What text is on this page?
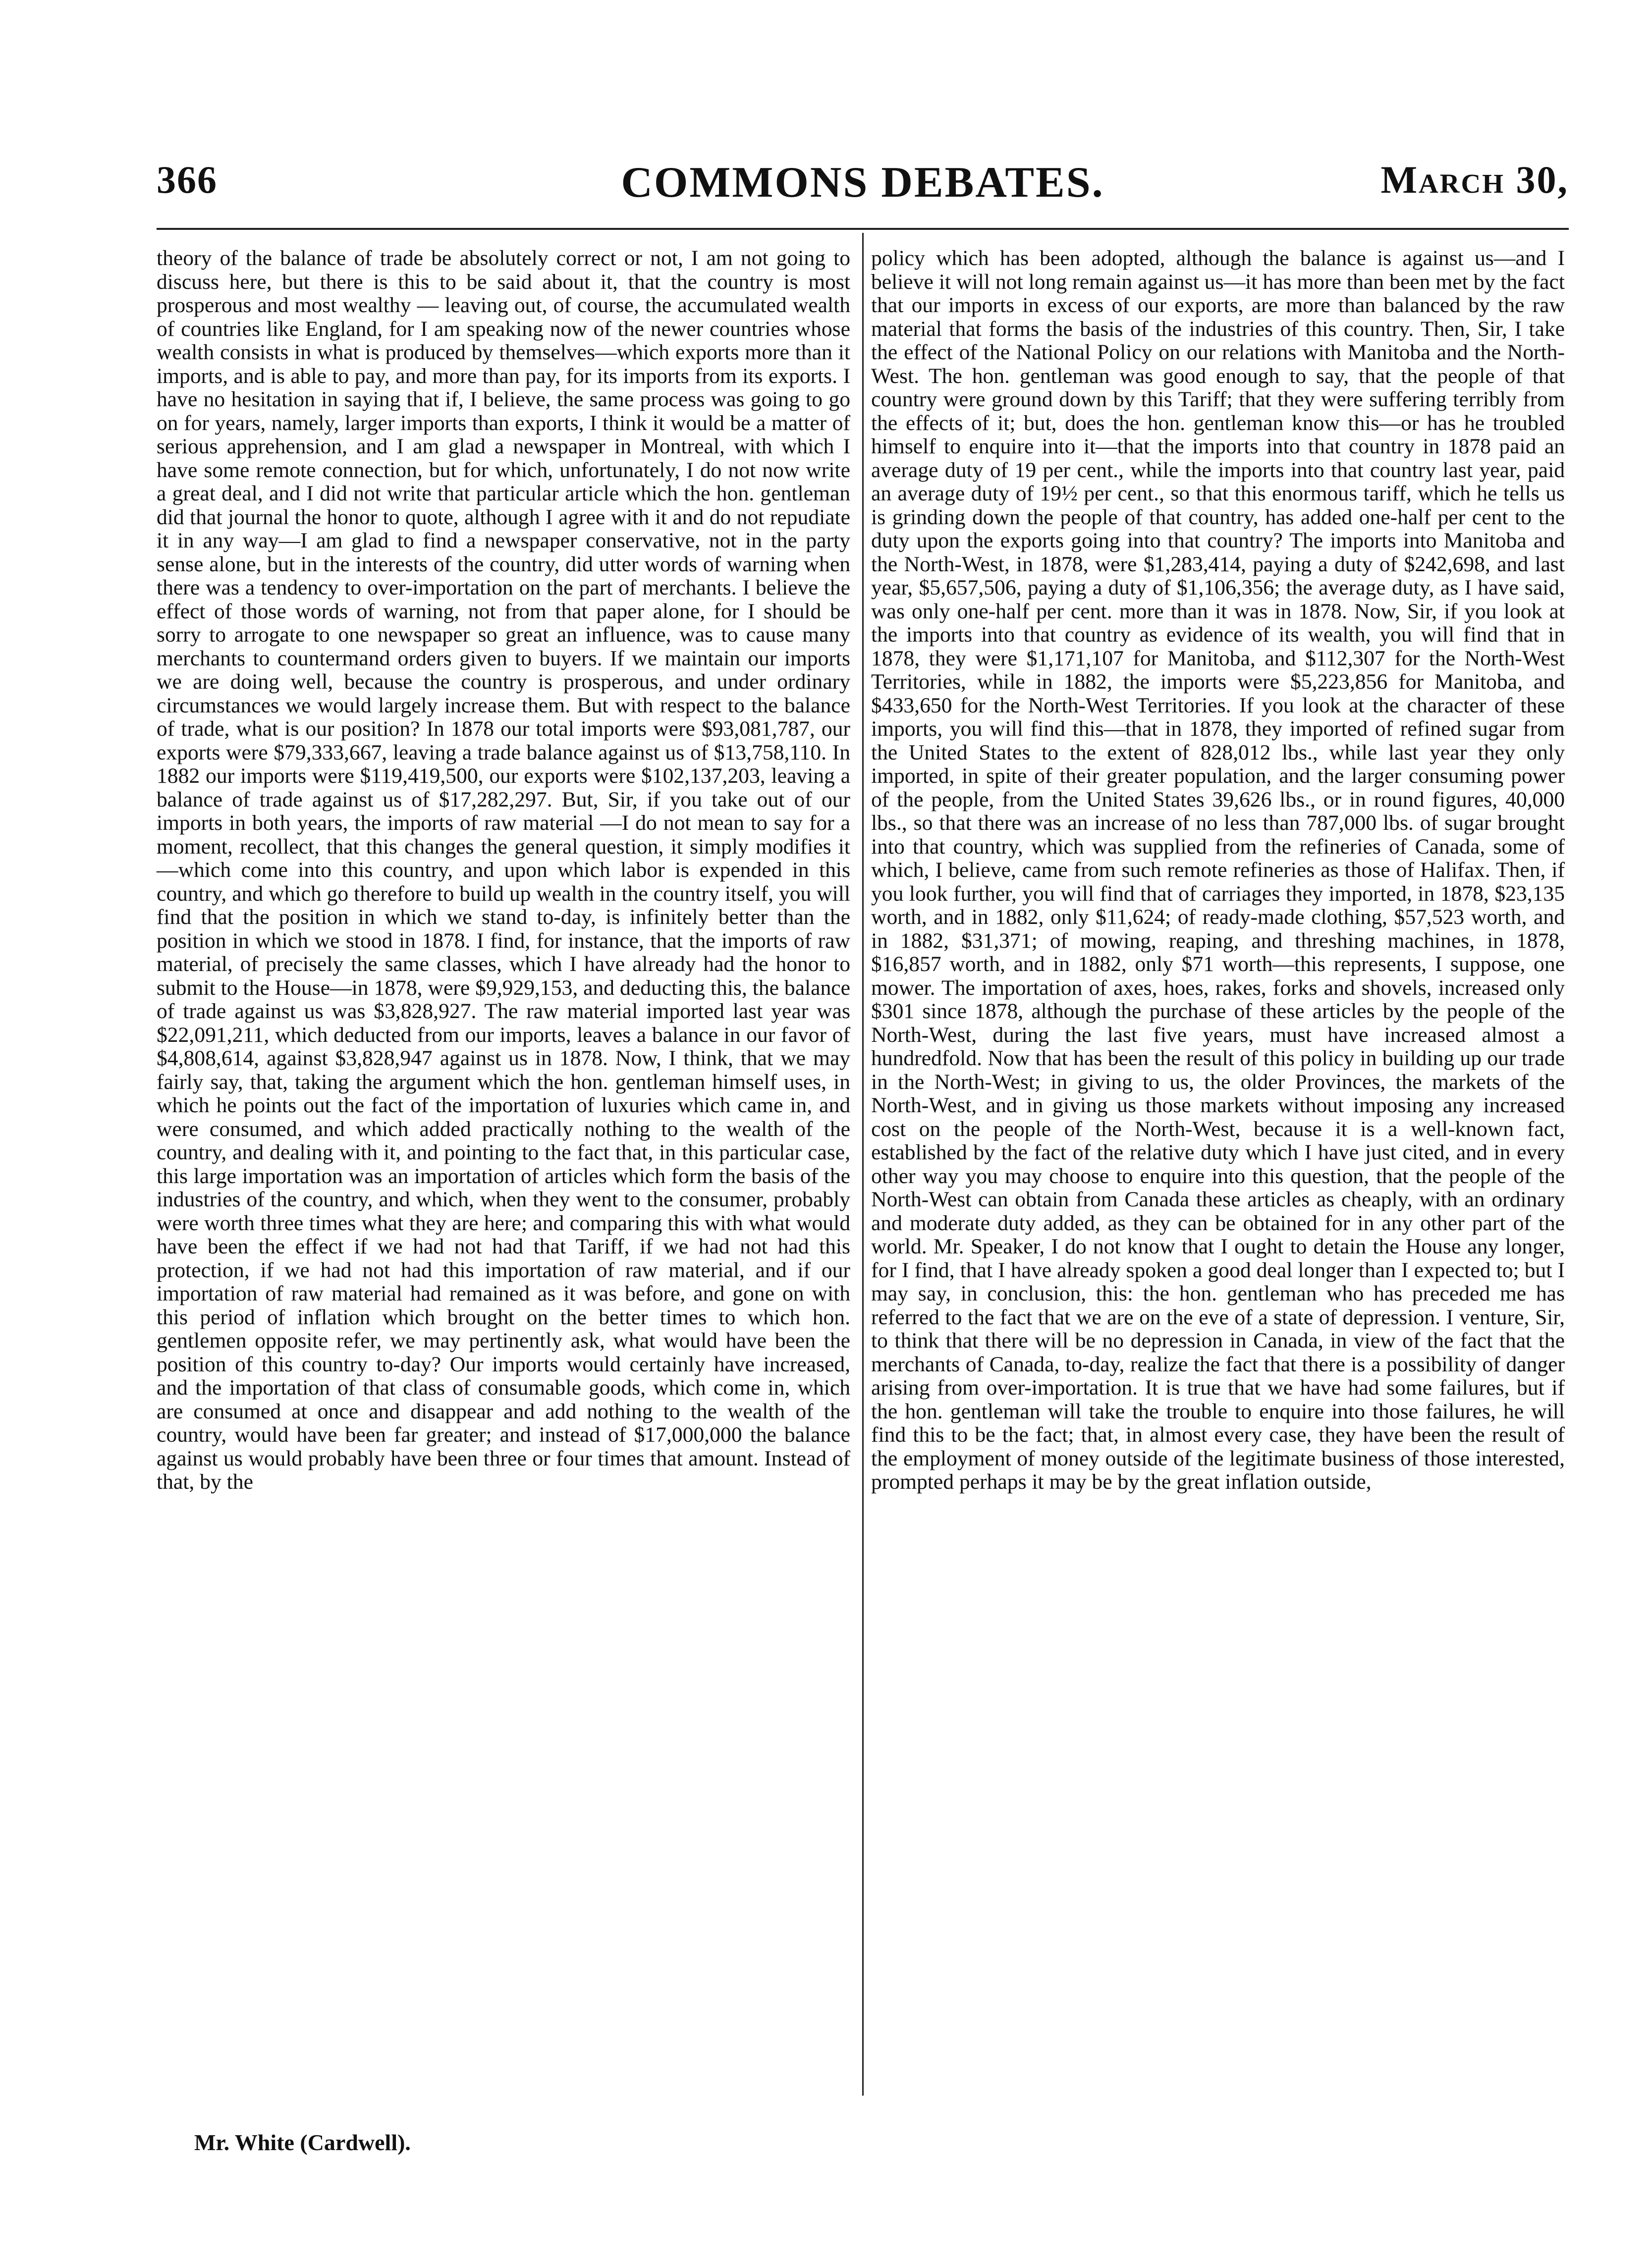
366	COMMONS DEBATES.	March 30,

theory of the balance of trade be absolutely correct or not, I am not going to discuss here, but there is this to be said about it, that the country is most prosperous and most wealthy — leaving out, of course, the accumulated wealth of countries like England, for I am speaking now of the newer countries whose wealth consists in what is produced by themselves—which exports more than it imports, and is able to pay, and more than pay, for its imports from its exports. I have no hesitation in saying that if, I believe, the same process was going to go on for years, namely, larger imports than exports, I think it would be a matter of serious apprehension, and I am glad a newspaper in Montreal, with which I have some remote connection, but for which, unfortunately, I do not now write a great deal, and I did not write that particular article which the hon. gentleman did that journal the honor to quote, although I agree with it and do not repudiate it in any way—I am glad to find a newspaper conservative, not in the party sense alone, but in the interests of the country, did utter words of warning when there was a tendency to over-importation on the part of merchants. I believe the effect of those words of warning, not from that paper alone, for I should be sorry to arrogate to one newspaper so great an influence, was to cause many merchants to countermand orders given to buyers. If we maintain our imports we are doing well, because the country is prosperous, and under ordinary circumstances we would largely increase them. But with respect to the balance of trade, what is our position? In 1878 our total imports were $93,081,787, our exports were $79,333,667, leaving a trade balance against us of $13,758,110. In 1882 our imports were $119,419,500, our exports were $102,137,203, leaving a balance of trade against us of $17,282,297. But, Sir, if you take out of our imports in both years, the imports of raw material —I do not mean to say for a moment, recollect, that this changes the general question, it simply modifies it—which come into this country, and upon which labor is expended in this country, and which go therefore to build up wealth in the country itself, you will find that the position in which we stand to-day, is infinitely better than the position in which we stood in 1878. I find, for instance, that the imports of raw material, of precisely the same classes, which I have already had the honor to submit to the House—in 1878, were $9,929,153, and deducting this, the balance of trade against us was $3,828,927. The raw material imported last year was $22,091,211, which deducted from our imports, leaves a balance in our favor of $4,808,614, against $3,828,947 against us in 1878. Now, I think, that we may fairly say, that, taking the argument which the hon. gentleman himself uses, in which he points out the fact of the importation of luxuries which came in, and were consumed, and which added practically nothing to the wealth of the country, and dealing with it, and pointing to the fact that, in this particular case, this large importation was an importation of articles which form the basis of the industries of the country, and which, when they went to the consumer, probably were worth three times what they are here; and comparing this with what would have been the effect if we had not had that Tariff, if we had not had this protection, if we had not had this importation of raw material, and if our importation of raw material had remained as it was before, and gone on with this period of inflation which brought on the better times to which hon. gentlemen opposite refer, we may pertinently ask, what would have been the position of this country to-day? Our imports would certainly have increased, and the importation of that class of consumable goods, which come in, which are consumed at once and disappear and add nothing to the wealth of the country, would have been far greater; and instead of $17,000,000 the balance against us would probably have been three or four times that amount. Instead of that, by the

policy which has been adopted, although the balance is against us—and I believe it will not long remain against us—it has more than been met by the fact that our imports in excess of our exports, are more than balanced by the raw material that forms the basis of the industries of this country. Then, Sir, I take the effect of the National Policy on our relations with Manitoba and the North-West. The hon. gentleman was good enough to say, that the people of that country were ground down by this Tariff; that they were suffering terribly from the effects of it; but, does the hon. gentleman know this—or has he troubled himself to enquire into it—that the imports into that country in 1878 paid an average duty of 19 per cent., while the imports into that country last year, paid an average duty of 19½ per cent., so that this enormous tariff, which he tells us is grinding down the people of that country, has added one-half per cent to the duty upon the exports going into that country? The imports into Manitoba and the North-West, in 1878, were $1,283,414, paying a duty of $242,698, and last year, $5,657,506, paying a duty of $1,106,356; the average duty, as I have said, was only one-half per cent. more than it was in 1878. Now, Sir, if you look at the imports into that country as evidence of its wealth, you will find that in 1878, they were $1,171,107 for Manitoba, and $112,307 for the North-West Territories, while in 1882, the imports were $5,223,856 for Manitoba, and $433,650 for the North-West Territories. If you look at the character of these imports, you will find this—that in 1878, they imported of refined sugar from the United States to the extent of 828,012 lbs., while last year they only imported, in spite of their greater population, and the larger consuming power of the people, from the United States 39,626 lbs., or in round figures, 40,000 lbs., so that there was an increase of no less than 787,000 lbs. of sugar brought into that country, which was supplied from the refineries of Canada, some of which, I believe, came from such remote refineries as those of Halifax. Then, if you look further, you will find that of carriages they imported, in 1878, $23,135 worth, and in 1882, only $11,624; of ready-made clothing, $57,523 worth, and in 1882, $31,371; of mowing, reaping, and threshing machines, in 1878, $16,857 worth, and in 1882, only $71 worth—this represents, I suppose, one mower. The importation of axes, hoes, rakes, forks and shovels, increased only $301 since 1878, although the purchase of these articles by the people of the North-West, during the last five years, must have increased almost a hundredfold. Now that has been the result of this policy in building up our trade in the North-West; in giving to us, the older Provinces, the markets of the North-West, and in giving us those markets without imposing any increased cost on the people of the North-West, because it is a well-known fact, established by the fact of the relative duty which I have just cited, and in every other way you may choose to enquire into this question, that the people of the North-West can obtain from Canada these articles as cheaply, with an ordinary and moderate duty added, as they can be obtained for in any other part of the world. Mr. Speaker, I do not know that I ought to detain the House any longer, for I find, that I have already spoken a good deal longer than I expected to; but I may say, in conclusion, this: the hon. gentleman who has preceded me has referred to the fact that we are on the eve of a state of depression. I venture, Sir, to think that there will be no depression in Canada, in view of the fact that the merchants of Canada, to-day, realize the fact that there is a possibility of danger arising from over-importation. It is true that we have had some failures, but if the hon. gentleman will take the trouble to enquire into those failures, he will find this to be the fact; that, in almost every case, they have been the result of the employment of money outside of the legitimate business of those interested, prompted perhaps it may be by the great inflation outside,

Mr. White (Cardwell).
